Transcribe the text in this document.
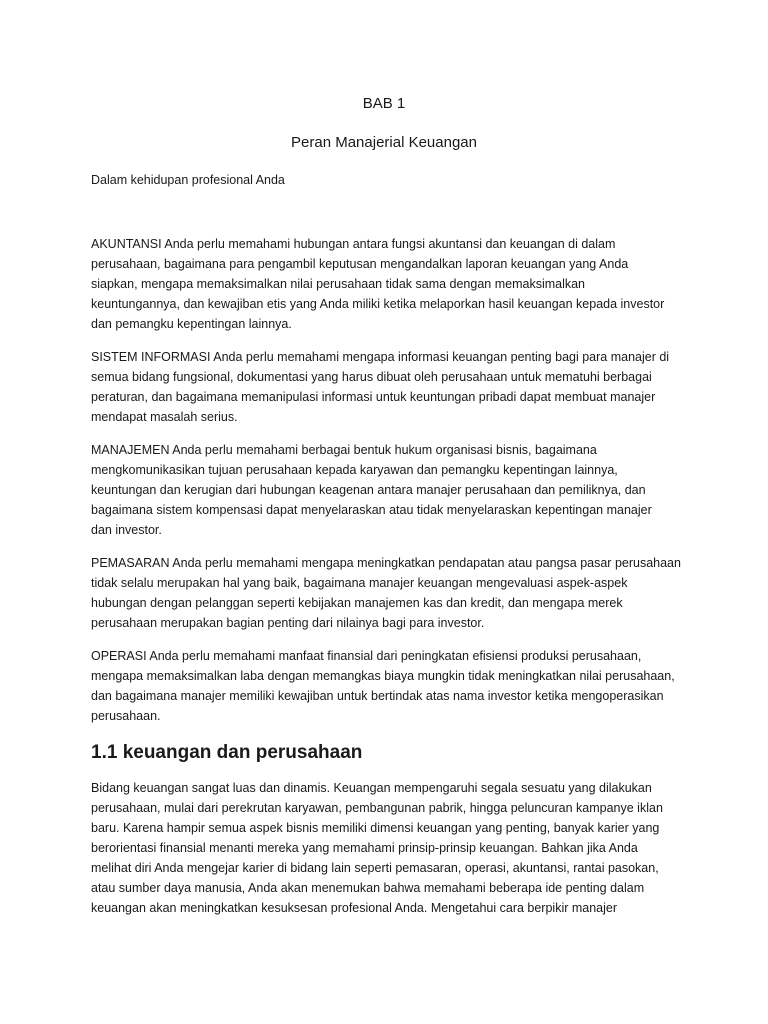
BAB 1
Peran Manajerial Keuangan
Dalam kehidupan profesional Anda
AKUNTANSI Anda perlu memahami hubungan antara fungsi akuntansi dan keuangan di dalam
perusahaan, bagaimana para pengambil keputusan mengandalkan laporan keuangan yang Anda
siapkan, mengapa memaksimalkan nilai perusahaan tidak sama dengan memaksimalkan
keuntungannya, dan kewajiban etis yang Anda miliki ketika melaporkan hasil keuangan kepada investor
dan pemangku kepentingan lainnya.
SISTEM INFORMASI Anda perlu memahami mengapa informasi keuangan penting bagi para manajer di
semua bidang fungsional, dokumentasi yang harus dibuat oleh perusahaan untuk mematuhi berbagai
peraturan, dan bagaimana memanipulasi informasi untuk keuntungan pribadi dapat membuat manajer
mendapat masalah serius.
MANAJEMEN Anda perlu memahami berbagai bentuk hukum organisasi bisnis, bagaimana
mengkomunikasikan tujuan perusahaan kepada karyawan dan pemangku kepentingan lainnya,
keuntungan dan kerugian dari hubungan keagenan antara manajer perusahaan dan pemiliknya, dan
bagaimana sistem kompensasi dapat menyelaraskan atau tidak menyelaraskan kepentingan manajer
dan investor.
PEMASARAN Anda perlu memahami mengapa meningkatkan pendapatan atau pangsa pasar perusahaan
tidak selalu merupakan hal yang baik, bagaimana manajer keuangan mengevaluasi aspek-aspek
hubungan dengan pelanggan seperti kebijakan manajemen kas dan kredit, dan mengapa merek
perusahaan merupakan bagian penting dari nilainya bagi para investor.
OPERASI Anda perlu memahami manfaat finansial dari peningkatan efisiensi produksi perusahaan,
mengapa memaksimalkan laba dengan memangkas biaya mungkin tidak meningkatkan nilai perusahaan,
dan bagaimana manajer memiliki kewajiban untuk bertindak atas nama investor ketika mengoperasikan
perusahaan.
1.1 keuangan dan perusahaan
Bidang keuangan sangat luas dan dinamis. Keuangan mempengaruhi segala sesuatu yang dilakukan
perusahaan, mulai dari perekrutan karyawan, pembangunan pabrik, hingga peluncuran kampanye iklan
baru. Karena hampir semua aspek bisnis memiliki dimensi keuangan yang penting, banyak karier yang
berorientasi finansial menanti mereka yang memahami prinsip-prinsip keuangan. Bahkan jika Anda
melihat diri Anda mengejar karier di bidang lain seperti pemasaran, operasi, akuntansi, rantai pasokan,
atau sumber daya manusia, Anda akan menemukan bahwa memahami beberapa ide penting dalam
keuangan akan meningkatkan kesuksesan profesional Anda. Mengetahui cara berpikir manajer
